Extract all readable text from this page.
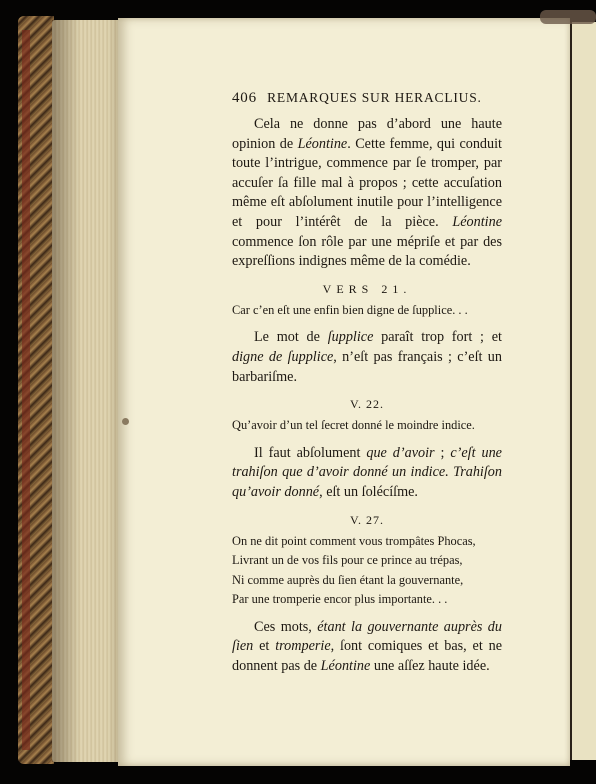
406 REMARQUES SUR HERACLIUS.

Cela ne donne pas d’abord une haute opinion de Léontine. Cette femme, qui conduit toute l’intrigue, commence par ſe tromper, par accuſer ſa fille mal à propos ; cette accuſation même eſt abſolument inutile pour l’intelligence et pour l’intérêt de la pièce. Léontine commence ſon rôle par une mépriſe et par des expreſſions indignes même de la comédie.

VERS 21.

Car c’en eſt une enfin bien digne de ſupplice. . .

Le mot de ſupplice paraît trop fort ; et digne de ſupplice, n’eſt pas français ; c’eſt un barbariſme.

V. 22.

Qu’avoir d’un tel ſecret donné le moindre indice.

Il faut abſolument que d’avoir ; c’eſt une trahiſon que d’avoir donné un indice. Trahiſon qu’avoir donné, eſt un ſolécíſme.

V. 27.

On ne dit point comment vous trompâtes Phocas,

Livrant un de vos fils pour ce prince au trépas,

Ni comme auprès du ſien étant la gouvernante,

Par une tromperie encor plus importante. . .

Ces mots, étant la gouvernante auprès du ſien et tromperie, ſont comiques et bas, et ne donnent pas de Léontine une aſſez haute idée.
